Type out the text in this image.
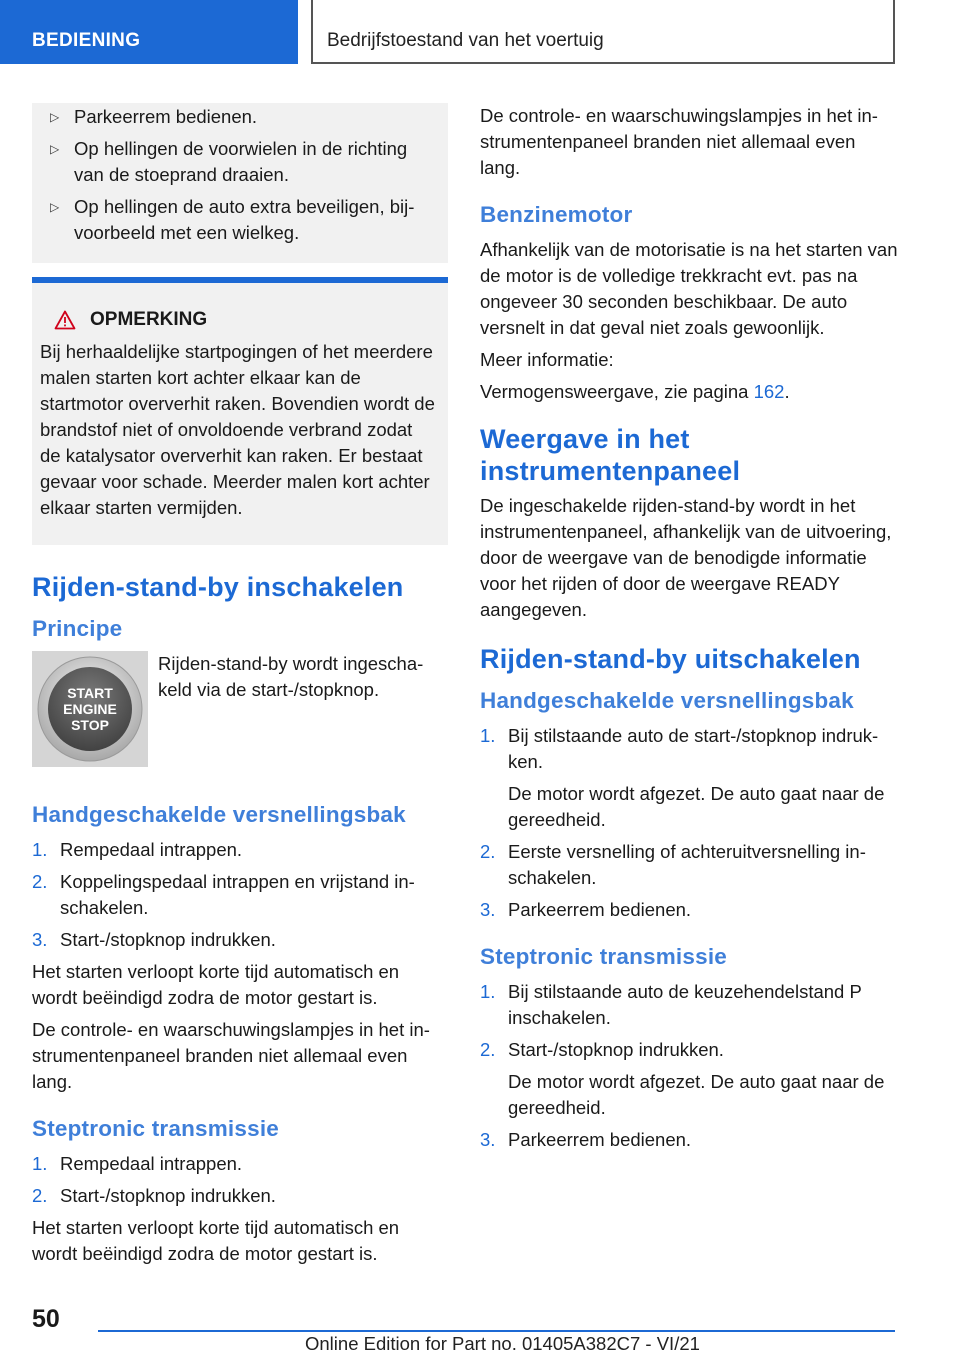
BEDIENING	Bedrijfstoestand van het voertuig
▷ Parkeerrem bedienen.
▷ Op hellingen de voorwielen in de richting van de stoeprand draaien.
▷ Op hellingen de auto extra beveiligen, bijvoorbeeld met een wielkeg.
OPMERKING
Bij herhaaldelijke startpogingen of het meerdere malen starten kort achter elkaar kan de startmotor oververhit raken. Bovendien wordt de brandstof niet of onvoldoende verbrand zodat de katalysator oververhit kan raken. Er bestaat gevaar voor schade. Meerder malen kort achter elkaar starten vermijden.
Rijden-stand-by inschakelen
Principe
START
ENGINE
STOP
Rijden-stand-by wordt ingeschakeld via de start-/stopknop.
Handgeschakelde versnellingsbak
1. Rempedaal intrappen.
2. Koppelingspedaal intrappen en vrijstand inschakelen.
3. Start-/stopknop indrukken.

Het starten verloopt korte tijd automatisch en wordt beëindigd zodra de motor gestart is.

De controle- en waarschuwingslampjes in het instrumentenpaneel branden niet allemaal even lang.

Steptronic transmissie
1. Rempedaal intrappen.
2. Start-/stopknop indrukken.

Het starten verloopt korte tijd automatisch en wordt beëindigd zodra de motor gestart is.

De controle- en waarschuwingslampjes in het instrumentenpaneel branden niet allemaal even lang.

Benzinemotor

Afhankelijk van de motorisatie is na het starten van de motor is de volledige trekkracht evt. pas na ongeveer 30 seconden beschikbaar. De auto versnelt in dat geval niet zoals gewoonlijk.

Meer informatie:

Vermogensweergave, zie pagina 162.

Weergave in het instrumentenpaneel

De ingeschakelde rijden-stand-by wordt in het instrumentenpaneel, afhankelijk van de uitvoering, door de weergave van de benodigde informatie voor het rijden of door de weergave READY aangegeven.

Rijden-stand-by uitschakelen
Handgeschakelde versnellingsbak
1. Bij stilstaande auto de start-/stopknop indrukken.
De motor wordt afgezet. De auto gaat naar de gereedheid.
2. Eerste versnelling of achteruitversnelling inschakelen.
3. Parkeerrem bedienen.
Steptronic transmissie
1. Bij stilstaande auto de keuzehendelstand P inschakelen.
2. Start-/stopknop indrukken.
De motor wordt afgezet. De auto gaat naar de gereedheid.
3. Parkeerrem bedienen.
50
Online Edition for Part no. 01405A382C7 - VI/21
